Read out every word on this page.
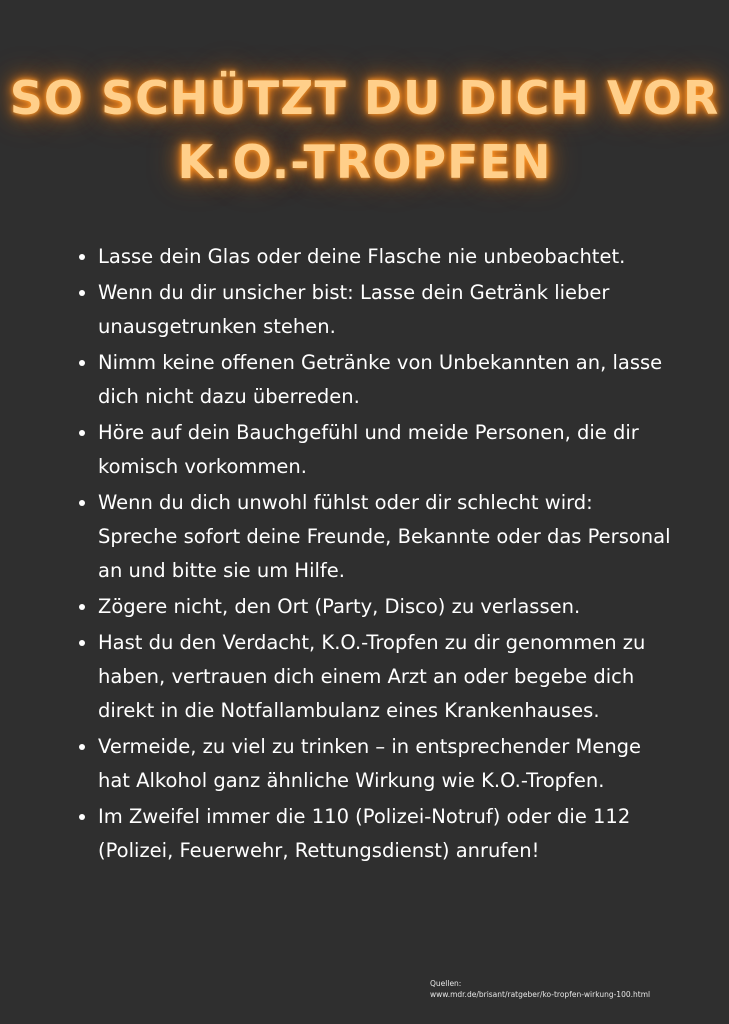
SO SCHÜTZT DU DICH VOR
K.O.-TROPFEN
Lasse dein Glas oder deine Flasche nie unbeobachtet.
Wenn du dir unsicher bist: Lasse dein Getränk lieber unausgetrunken stehen.
Nimm keine offenen Getränke von Unbekannten an, lasse dich nicht dazu überreden.
Höre auf dein Bauchgefühl und meide Personen, die dir komisch vorkommen.
Wenn du dich unwohl fühlst oder dir schlecht wird: Spreche sofort deine Freunde, Bekannte oder das Personal an und bitte sie um Hilfe.
Zögere nicht, den Ort (Party, Disco) zu verlassen.
Hast du den Verdacht, K.O.-Tropfen zu dir genommen zu haben, vertrauen dich einem Arzt an oder begebe dich direkt in die Notfallambulanz eines Krankenhauses.
Vermeide, zu viel zu trinken – in entsprechender Menge hat Alkohol ganz ähnliche Wirkung wie K.O.-Tropfen.
Im Zweifel immer die 110 (Polizei-Notruf) oder die 112 (Polizei, Feuerwehr, Rettungsdienst) anrufen!
Quellen:
www.mdr.de/brisant/ratgeber/ko-tropfen-wirkung-100.html
